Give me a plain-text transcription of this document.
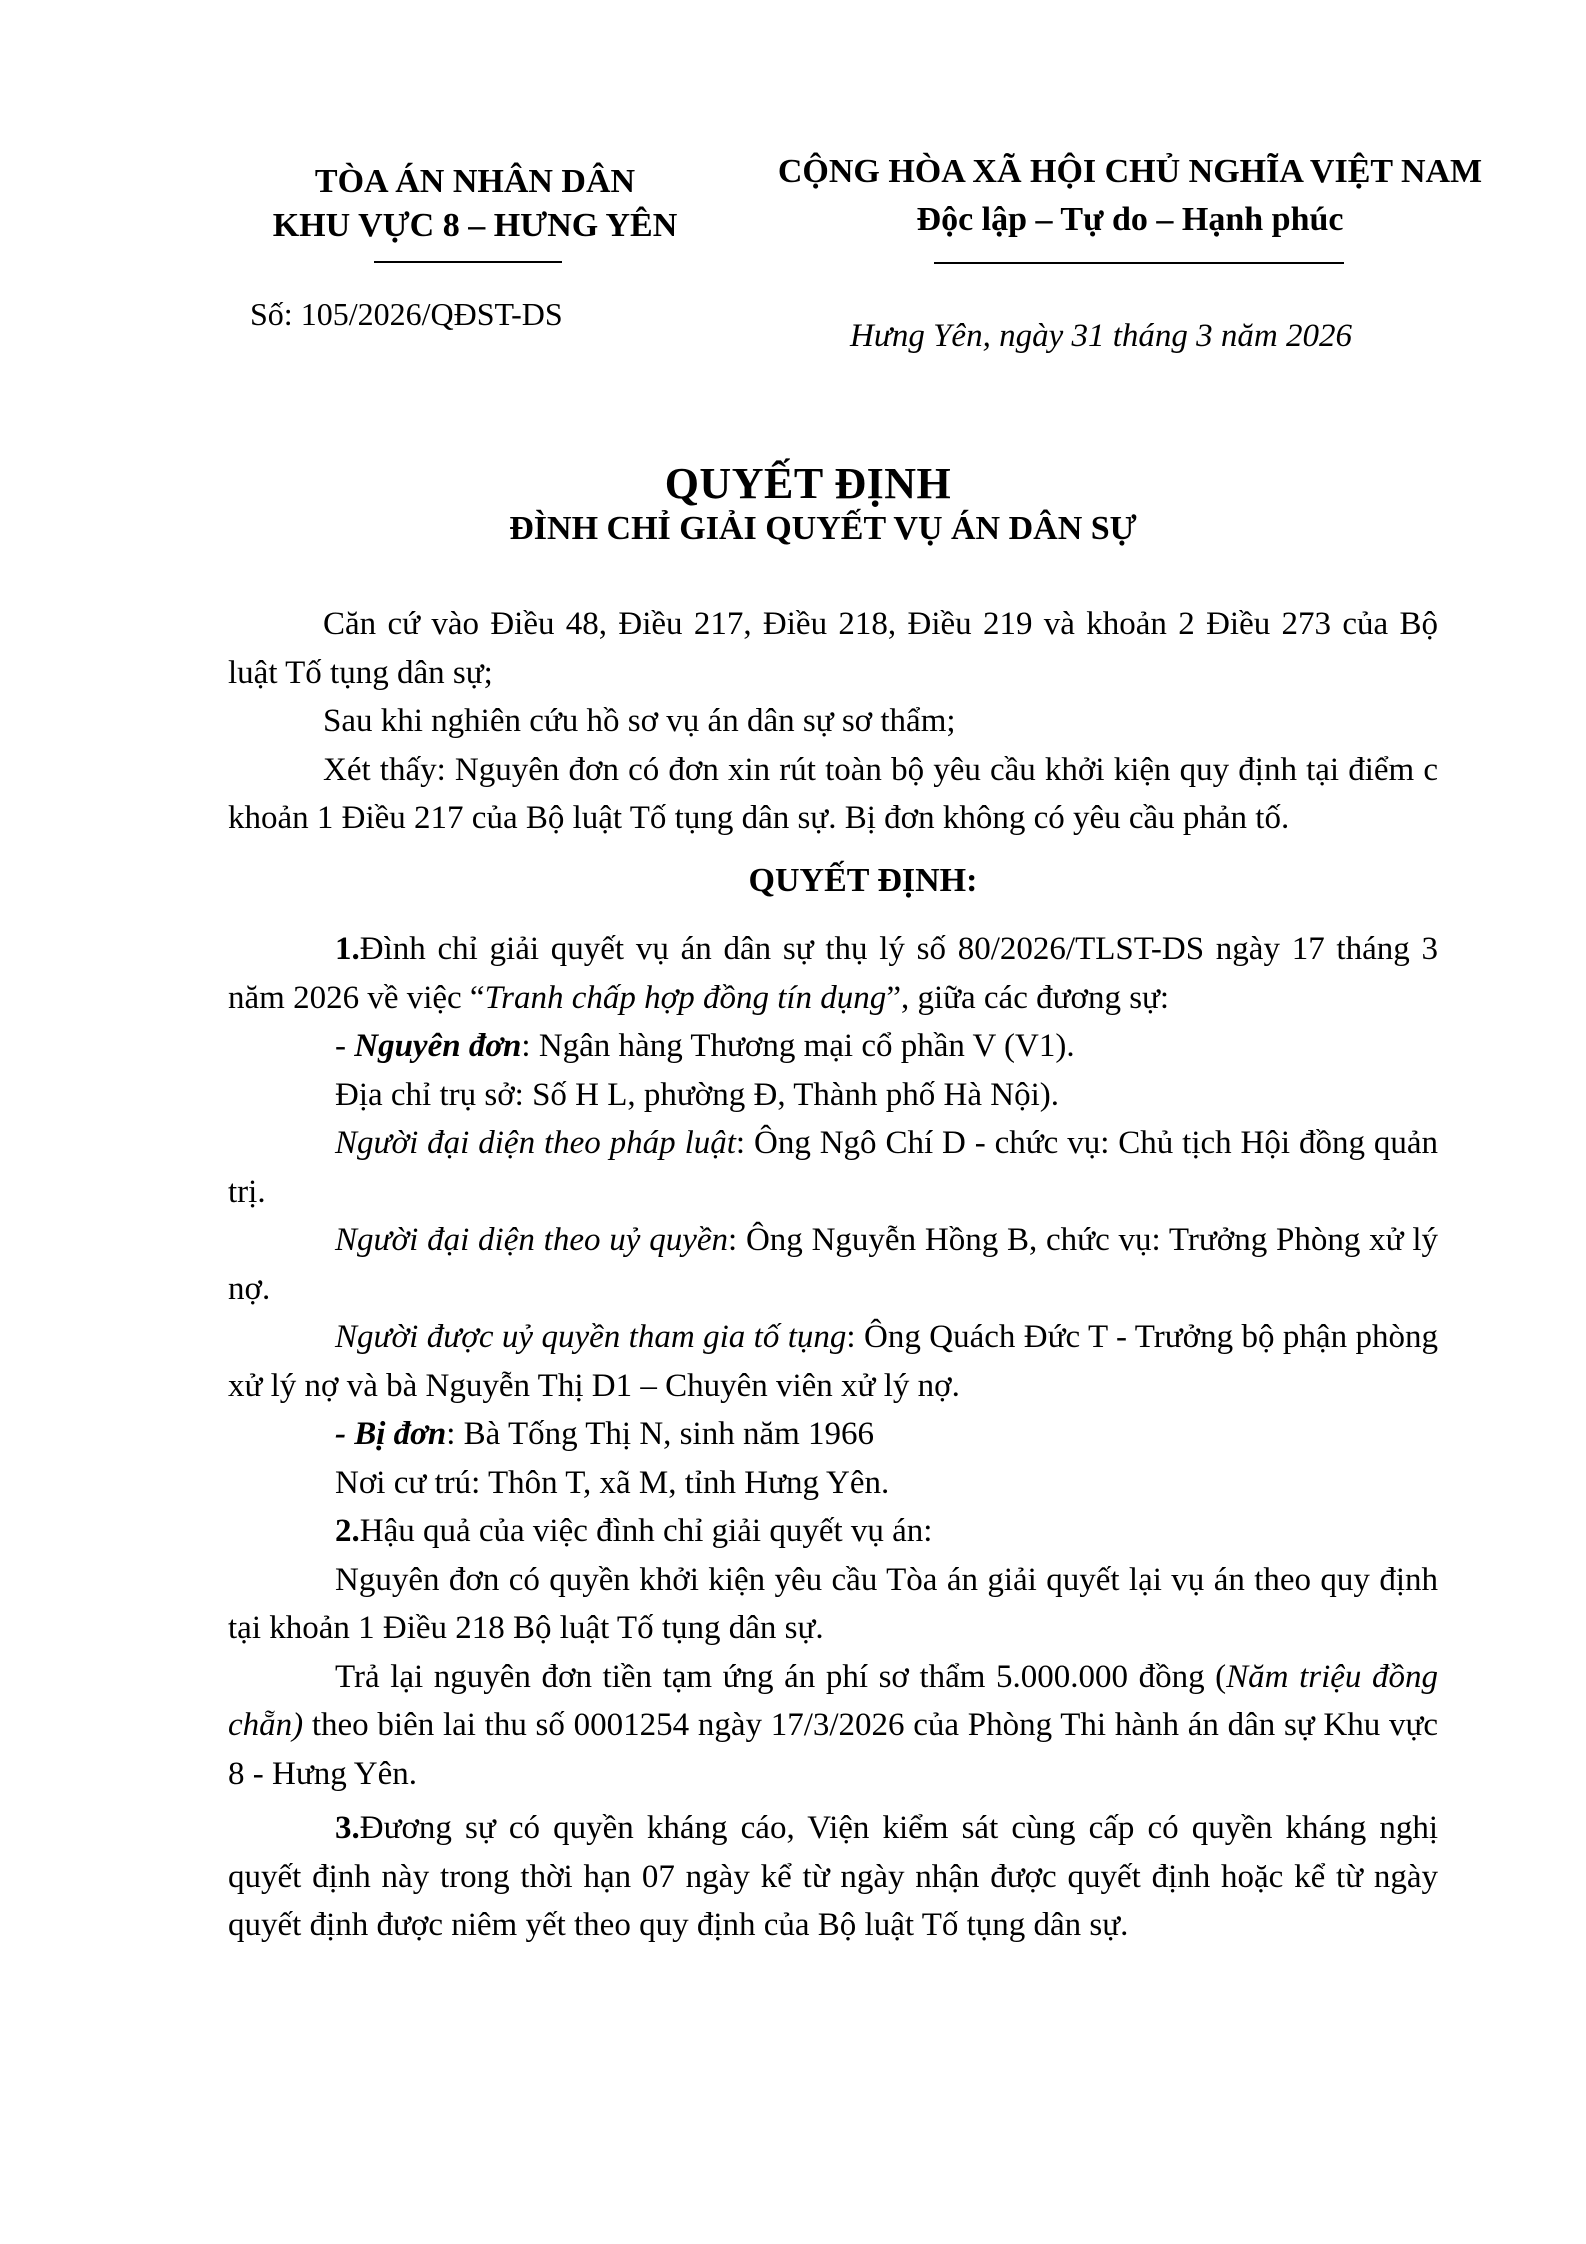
TÒA ÁN NHÂN DÂN
KHU VỰC 8 – HƯNG YÊN
Số: 105/2026/QĐST-DS
CỘNG HÒA XÃ HỘI CHỦ NGHĨA VIỆT NAM
Độc lập – Tự do – Hạnh phúc
Hưng Yên, ngày 31 tháng 3 năm 2026
QUYẾT ĐỊNH
ĐÌNH CHỈ GIẢI QUYẾT VỤ ÁN DÂN SỰ

Căn cứ vào Điều 48, Điều 217, Điều 218, Điều 219 và khoản 2 Điều 273 của Bộ luật Tố tụng dân sự;

Sau khi nghiên cứu hồ sơ vụ án dân sự sơ thẩm;

Xét thấy: Nguyên đơn có đơn xin rút toàn bộ yêu cầu khởi kiện quy định tại điểm c khoản 1 Điều 217 của Bộ luật Tố tụng dân sự. Bị đơn không có yêu cầu phản tố.

QUYẾT ĐỊNH:

1.Đình chỉ giải quyết vụ án dân sự thụ lý số 80/2026/TLST-DS ngày 17 tháng 3 năm 2026 về việc “Tranh chấp hợp đồng tín dụng”, giữa các đương sự:

- Nguyên đơn: Ngân hàng Thương mại cổ phần V (V1).

Địa chỉ trụ sở: Số H L, phường Đ, Thành phố Hà Nội).

Người đại diện theo pháp luật: Ông Ngô Chí D - chức vụ: Chủ tịch Hội đồng quản trị.

Người đại diện theo uỷ quyền: Ông Nguyễn Hồng B, chức vụ: Trưởng Phòng xử lý nợ.

Người được uỷ quyền tham gia tố tụng: Ông Quách Đức T - Trưởng bộ phận phòng xử lý nợ và bà Nguyễn Thị D1 – Chuyên viên xử lý nợ.

- Bị đơn: Bà Tống Thị N, sinh năm 1966

Nơi cư trú: Thôn T, xã M, tỉnh Hưng Yên.

2.Hậu quả của việc đình chỉ giải quyết vụ án:

Nguyên đơn có quyền khởi kiện yêu cầu Tòa án giải quyết lại vụ án theo quy định tại khoản 1 Điều 218 Bộ luật Tố tụng dân sự.

Trả lại nguyên đơn tiền tạm ứng án phí sơ thẩm 5.000.000 đồng (Năm triệu đồng chẵn) theo biên lai thu số 0001254 ngày 17/3/2026 của Phòng Thi hành án dân sự Khu vực 8 - Hưng Yên.

3.Đương sự có quyền kháng cáo, Viện kiểm sát cùng cấp có quyền kháng nghị quyết định này trong thời hạn 07 ngày kể từ ngày nhận được quyết định hoặc kể từ ngày quyết định được niêm yết theo quy định của Bộ luật Tố tụng dân sự.
